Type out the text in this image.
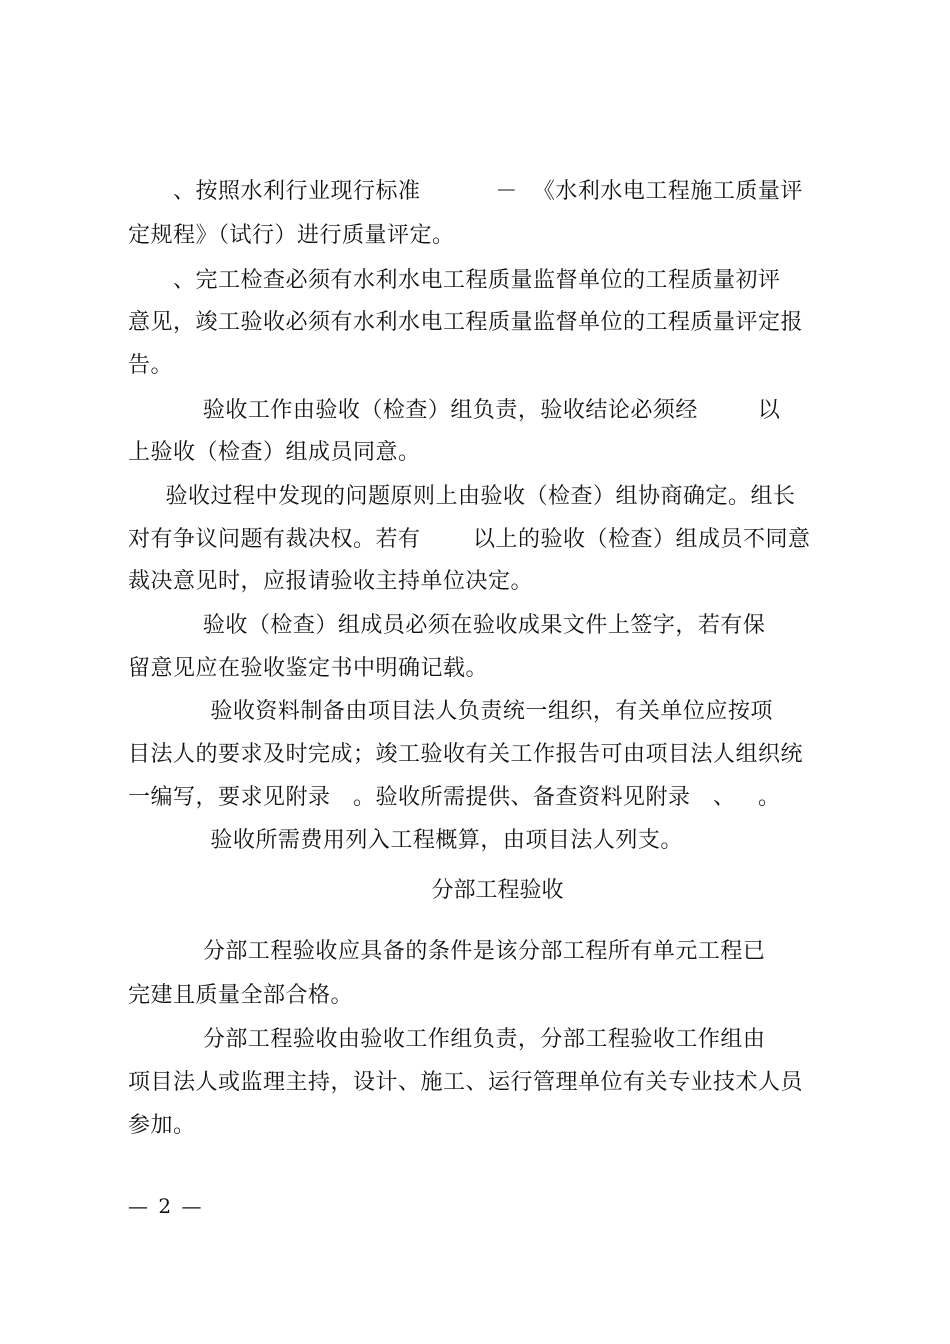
、按照水利行业现行标准          －  《水利水电工程施工质量评
定规程》（试行）进行质量评定。
、完工检查必须有水利水电工程质量监督单位的工程质量初评
意见，竣工验收必须有水利水电工程质量监督单位的工程质量评定报
告。
验收工作由验收（检查）组负责，验收结论必须经        以
上验收（检查）组成员同意。
验收过程中发现的问题原则上由验收（检查）组协商确定。组长
对有争议问题有裁决权。若有       以上的验收（检查）组成员不同意
裁决意见时，应报请验收主持单位决定。
验收（检查）组成员必须在验收成果文件上签字，若有保
留意见应在验收鉴定书中明确记载。
验收资料制备由项目法人负责统一组织，有关单位应按项
目法人的要求及时完成；竣工验收有关工作报告可由项目法人组织统
一编写，要求见附录   。验收所需提供、备查资料见附录   、   。
验收所需费用列入工程概算，由项目法人列支。
分部工程验收
分部工程验收应具备的条件是该分部工程所有单元工程已
完建且质量全部合格。
分部工程验收由验收工作组负责，分部工程验收工作组由
项目法人或监理主持，设计、施工、运行管理单位有关专业技术人员
参加。
— 2 —
